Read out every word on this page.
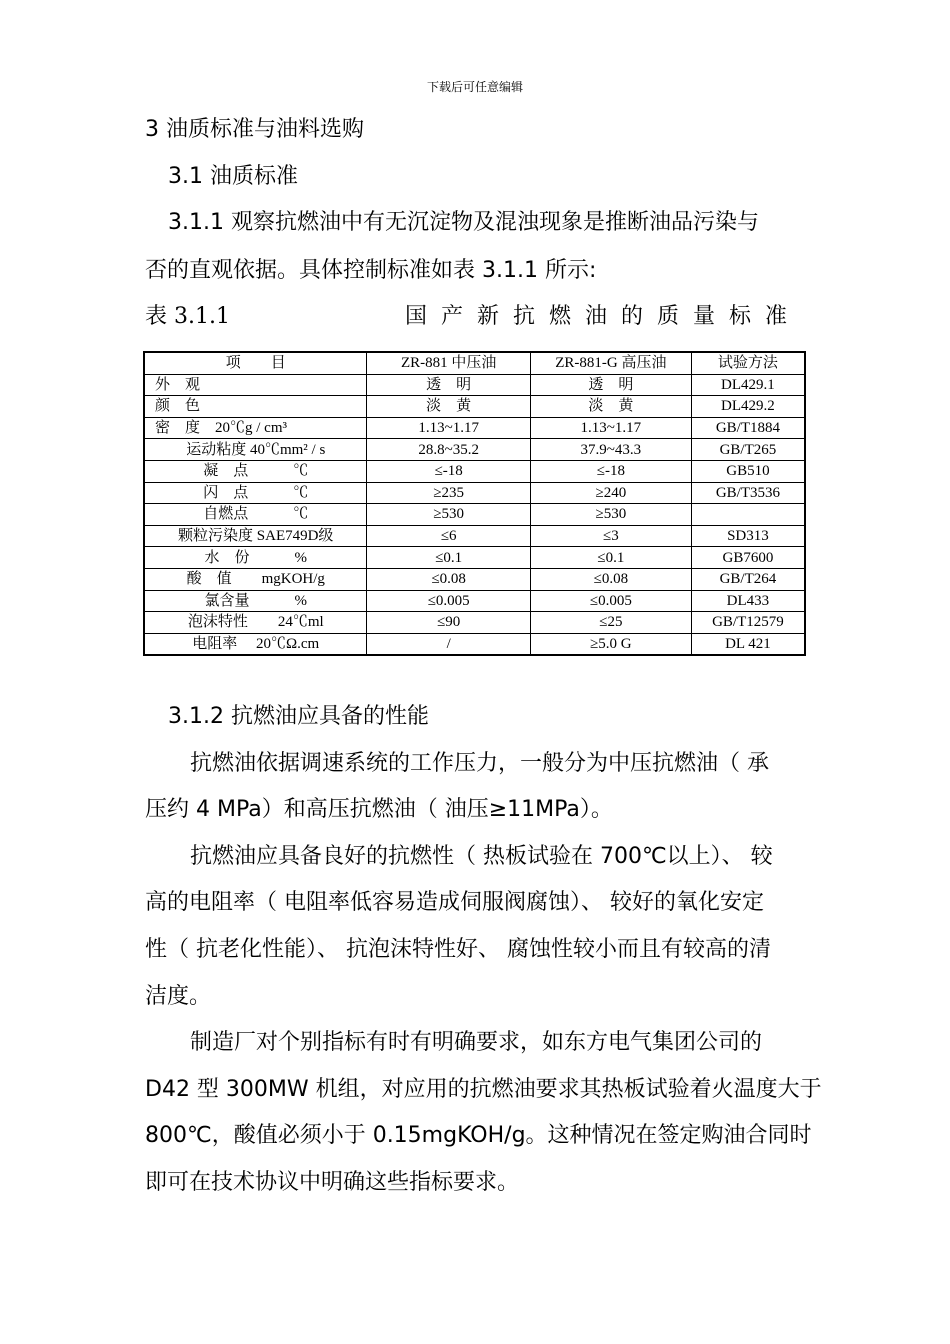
下载后可任意编辑
3 油质标准与油料选购
3.1 油质标准
3.1.1 观察抗燃油中有无沉淀物及混浊现象是推断油品污染与
否的直观依据。具体控制标准如表 3.1.1 所示:
表 3.1.1	国产新抗燃油的质量标准
项　　目	ZR-881 中压油	ZR-881-G 高压油	试验方法
外　观	透　明	透　明	DL429.1
颜　色	淡　黄	淡　黄	DL429.2
密　度　20℃g / cm³	1.13~1.17	1.13~1.17	GB/T1884
运动粘度 40℃mm² / s	28.8~35.2	37.9~43.3	GB/T265
凝　点　　　℃	≤-18	≤-18	GB510
闪　点　　　℃	≥235	≥240	GB/T3536
自燃点　　　℃	≥530	≥530	
颗粒污染度 SAE749D级	≤6	≤3	SD313
水　份　　　%	≤0.1	≤0.1	GB7600
酸　值　　mgKOH/g	≤0.08	≤0.08	GB/T264
氯含量　　　%	≤0.005	≤0.005	DL433
泡沫特性　　24℃ml	≤90	≤25	GB/T12579
电阻率　 20℃Ω.cm	/	≥5.0 G	DL 421
3.1.2 抗燃油应具备的性能
抗燃油依据调速系统的工作压力，一般分为中压抗燃油（ 承
压约 4 MPa）和高压抗燃油（ 油压≥11MPa）。
抗燃油应具备良好的抗燃性（ 热板试验在 700℃以上）、 较
高的电阻率（ 电阻率低容易造成伺服阀腐蚀）、 较好的氧化安定
性（ 抗老化性能）、 抗泡沫特性好、 腐蚀性较小而且有较高的清
洁度。
制造厂对个别指标有时有明确要求，如东方电气集团公司的
D42 型 300MW 机组，对应用的抗燃油要求其热板试验着火温度大于
800℃，酸值必须小于 0.15mgKOH/g。这种情况在签定购油合同时
即可在技术协议中明确这些指标要求。
